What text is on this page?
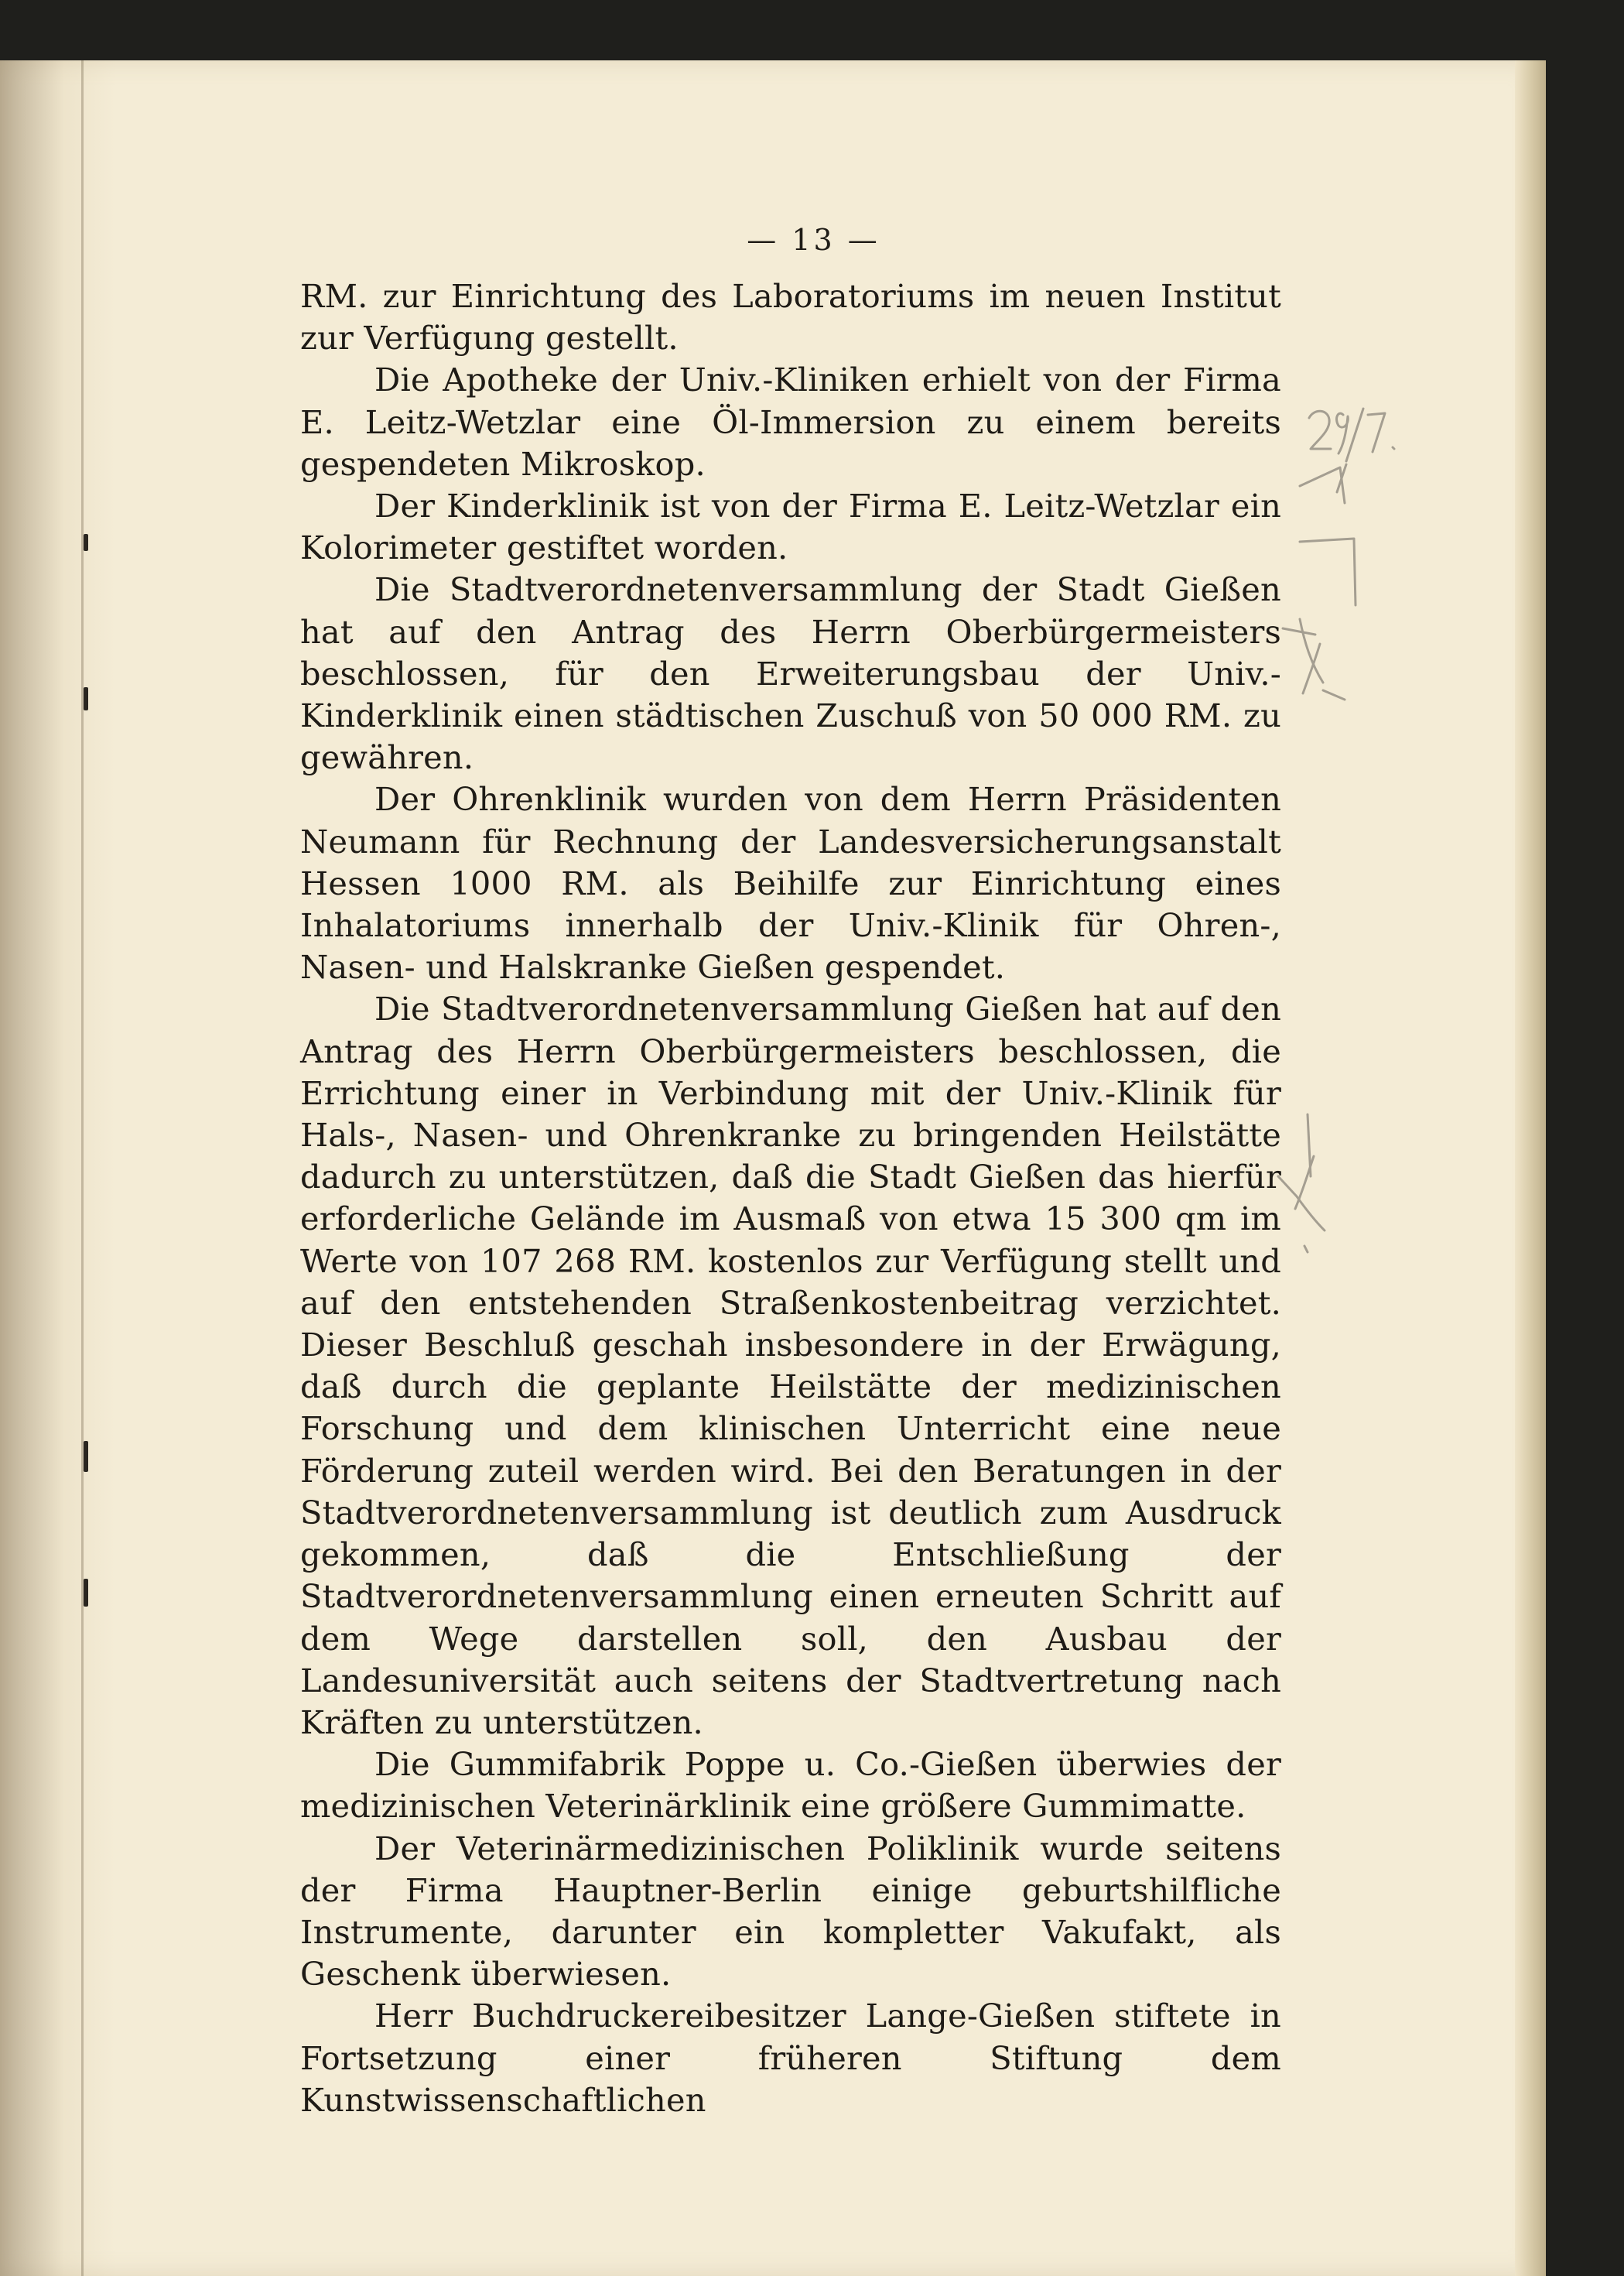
— 13 —

RM. zur Einrichtung des Laboratoriums im neuen Institut zur Verfügung gestellt.

Die Apotheke der Univ.-Kliniken erhielt von der Firma E. Leitz-Wetzlar eine Öl-Immersion zu einem bereits gespendeten Mikroskop.

Der Kinderklinik ist von der Firma E. Leitz-Wetzlar ein Kolorimeter gestiftet worden.

Die Stadtverordnetenversammlung der Stadt Gießen hat auf den Antrag des Herrn Oberbürgermeisters beschlossen, für den Erweiterungsbau der Univ.-Kinderklinik einen städtischen Zuschuß von 50 000 RM. zu gewähren.

Der Ohrenklinik wurden von dem Herrn Präsidenten Neumann für Rechnung der Landesversicherungsanstalt Hessen 1000 RM. als Beihilfe zur Einrichtung eines Inhalatoriums innerhalb der Univ.-Klinik für Ohren-, Nasen- und Halskranke Gießen gespendet.

Die Stadtverordnetenversammlung Gießen hat auf den Antrag des Herrn Oberbürgermeisters beschlossen, die Errichtung einer in Verbindung mit der Univ.-Klinik für Hals-, Nasen- und Ohrenkranke zu bringenden Heilstätte dadurch zu unterstützen, daß die Stadt Gießen das hierfür erforderliche Gelände im Ausmaß von etwa 15 300 qm im Werte von 107 268 RM. kostenlos zur Verfügung stellt und auf den entstehenden Straßenkostenbeitrag verzichtet. Dieser Beschluß geschah insbesondere in der Erwägung, daß durch die geplante Heilstätte der medizinischen Forschung und dem klinischen Unterricht eine neue Förderung zuteil werden wird. Bei den Beratungen in der Stadtverordnetenversammlung ist deutlich zum Ausdruck gekommen, daß die Entschließung der Stadtverordnetenversammlung einen erneuten Schritt auf dem Wege darstellen soll, den Ausbau der Landesuniversität auch seitens der Stadtvertretung nach Kräften zu unterstützen.

Die Gummifabrik Poppe u. Co.-Gießen überwies der medizinischen Veterinärklinik eine größere Gummimatte.

Der Veterinärmedizinischen Poliklinik wurde seitens der Firma Hauptner-Berlin einige geburtshilfliche Instrumente, darunter ein kompletter Vakufakt, als Geschenk überwiesen.

Herr Buchdruckereibesitzer Lange-Gießen stiftete in Fortsetzung einer früheren Stiftung dem Kunstwissenschaftlichen
